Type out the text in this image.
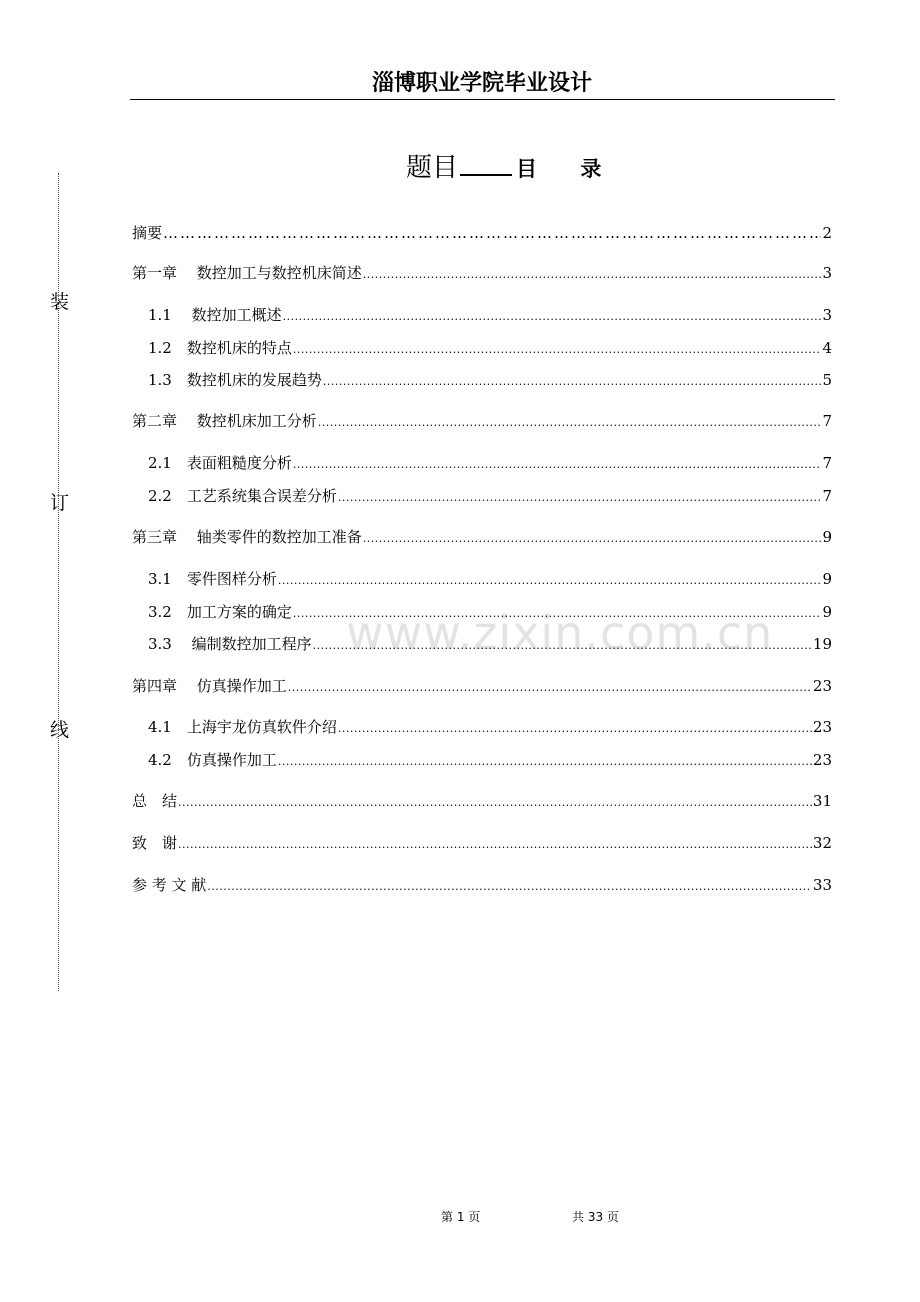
淄博职业学院毕业设计
装
订
线
题目	目 录
www.zixin.com.cn
摘要 ……………………………………………………………………………………………………………………………………	2
第一章　 数控加工与数控机床简述 .....	3
1.1　 数控加工概述 .....	3
1.2　数控机床的特点 .....	4
1.3　数控机床的发展趋势 .....	5
第二章　 数控机床加工分析 .....	7
2.1　表面粗糙度分析 .....	7
2.2　工艺系统集合误差分析 .....	7
第三章　 轴类零件的数控加工准备 .....	9
3.1　零件图样分析 .....	9
3.2　加工方案的确定 .....	9
3.3　 编制数控加工程序 .....	19
第四章　 仿真操作加工 .....	23
4.1　上海宇龙仿真软件介绍 .....	23
4.2　仿真操作加工 .....	23
总　结 .....	31
致　谢 .....	32
参 考 文 献 .....	33
第 1 页	共 33 页
